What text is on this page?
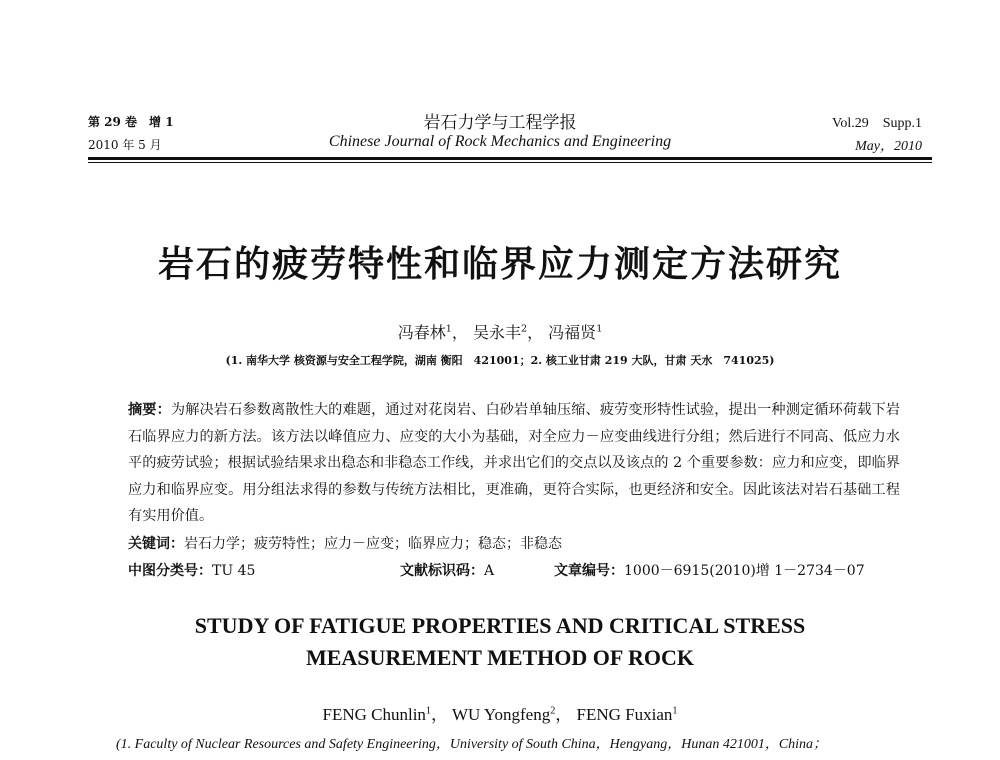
第 29 卷　增 1
2010 年 5 月
岩石力学与工程学报
Chinese Journal of Rock Mechanics and Engineering
Vol.29　Supp.1
May，2010
岩石的疲劳特性和临界应力测定方法研究
冯春林$^1$， 吴永丰$^2$， 冯福贤$^1$
(1. 南华大学 核资源与安全工程学院，湖南 衡阳　421001；2. 核工业甘肃 219 大队，甘肃 天水　741025)
摘要：为解决岩石参数离散性大的难题，通过对花岗岩、白砂岩单轴压缩、疲劳变形特性试验，提出一种测定循环荷载下岩石临界应力的新方法。该方法以峰值应力、应变的大小为基础，对全应力－应变曲线进行分组；然后进行不同高、低应力水平的疲劳试验；根据试验结果求出稳态和非稳态工作线，并求出它们的交点以及该点的 2 个重要参数：应力和应变，即临界应力和临界应变。用分组法求得的参数与传统方法相比，更准确，更符合实际，也更经济和安全。因此该法对岩石基础工程有实用价值。
关键词：岩石力学；疲劳特性；应力－应变；临界应力；稳态；非稳态
中图分类号：TU 45	文献标识码：A	文章编号：1000－6915(2010)增 1－2734－07
STUDY OF FATIGUE PROPERTIES AND CRITICAL STRESS
MEASUREMENT METHOD OF ROCK
FENG Chunlin$^1$， WU Yongfeng$^2$， FENG Fuxian$^1$
(1. Faculty of Nuclear Resources and Safety Engineering，University of South China，Hengyang，Hunan 421001，China；
